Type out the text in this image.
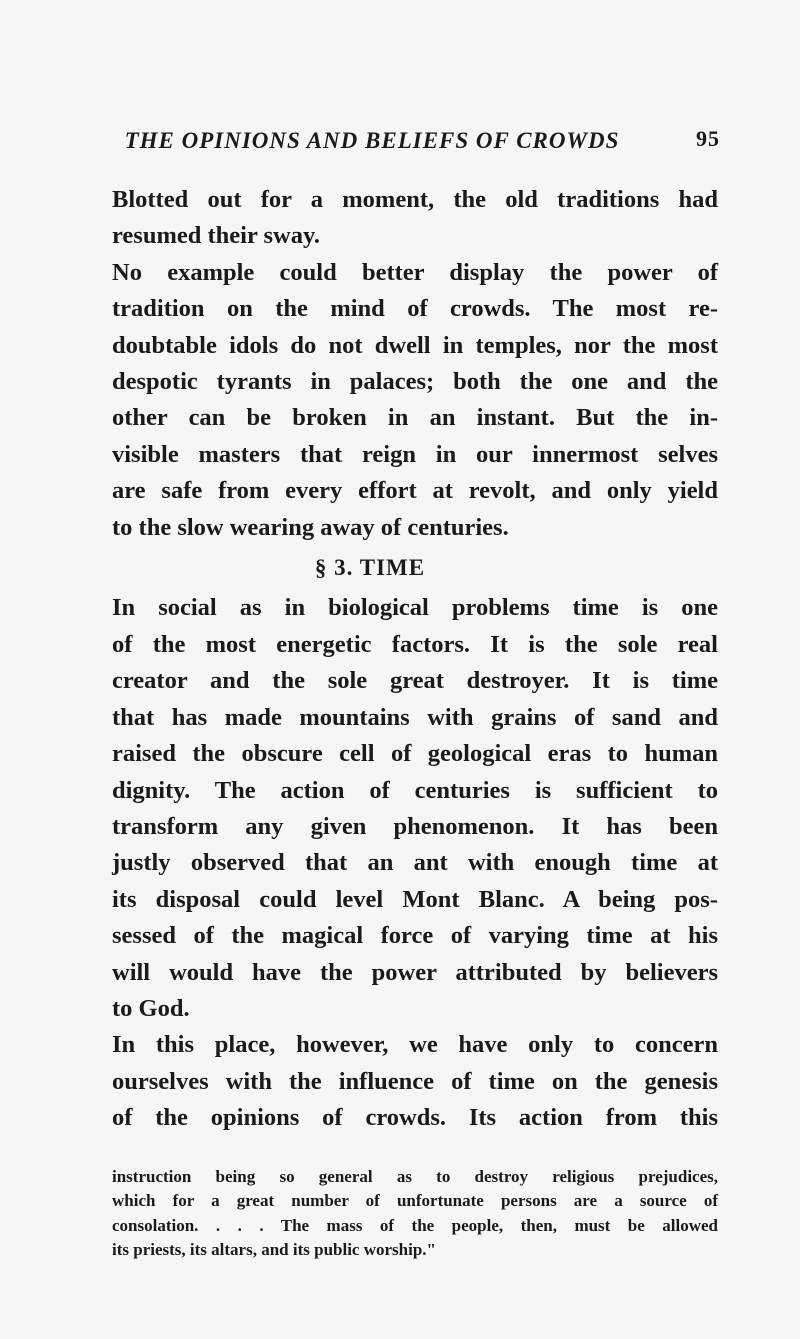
THE OPINIONS AND BELIEFS OF CROWDS	95
Blotted out for a moment, the old traditions had
resumed their sway.
No example could better display the power of
tradition on the mind of crowds. The most re-
doubtable idols do not dwell in temples, nor the most
despotic tyrants in palaces; both the one and the
other can be broken in an instant. But the in-
visible masters that reign in our innermost selves
are safe from every effort at revolt, and only yield
to the slow wearing away of centuries.
§ 3. TIME
In social as in biological problems time is one
of the most energetic factors. It is the sole real
creator and the sole great destroyer. It is time
that has made mountains with grains of sand and
raised the obscure cell of geological eras to human
dignity. The action of centuries is sufficient to
transform any given phenomenon. It has been
justly observed that an ant with enough time at
its disposal could level Mont Blanc. A being pos-
sessed of the magical force of varying time at his
will would have the power attributed by believers
to God.
In this place, however, we have only to concern
ourselves with the influence of time on the genesis
of the opinions of crowds. Its action from this
instruction being so general as to destroy religious prejudices,
which for a great number of unfortunate persons are a source of
consolation. . . . The mass of the people, then, must be allowed
its priests, its altars, and its public worship."
